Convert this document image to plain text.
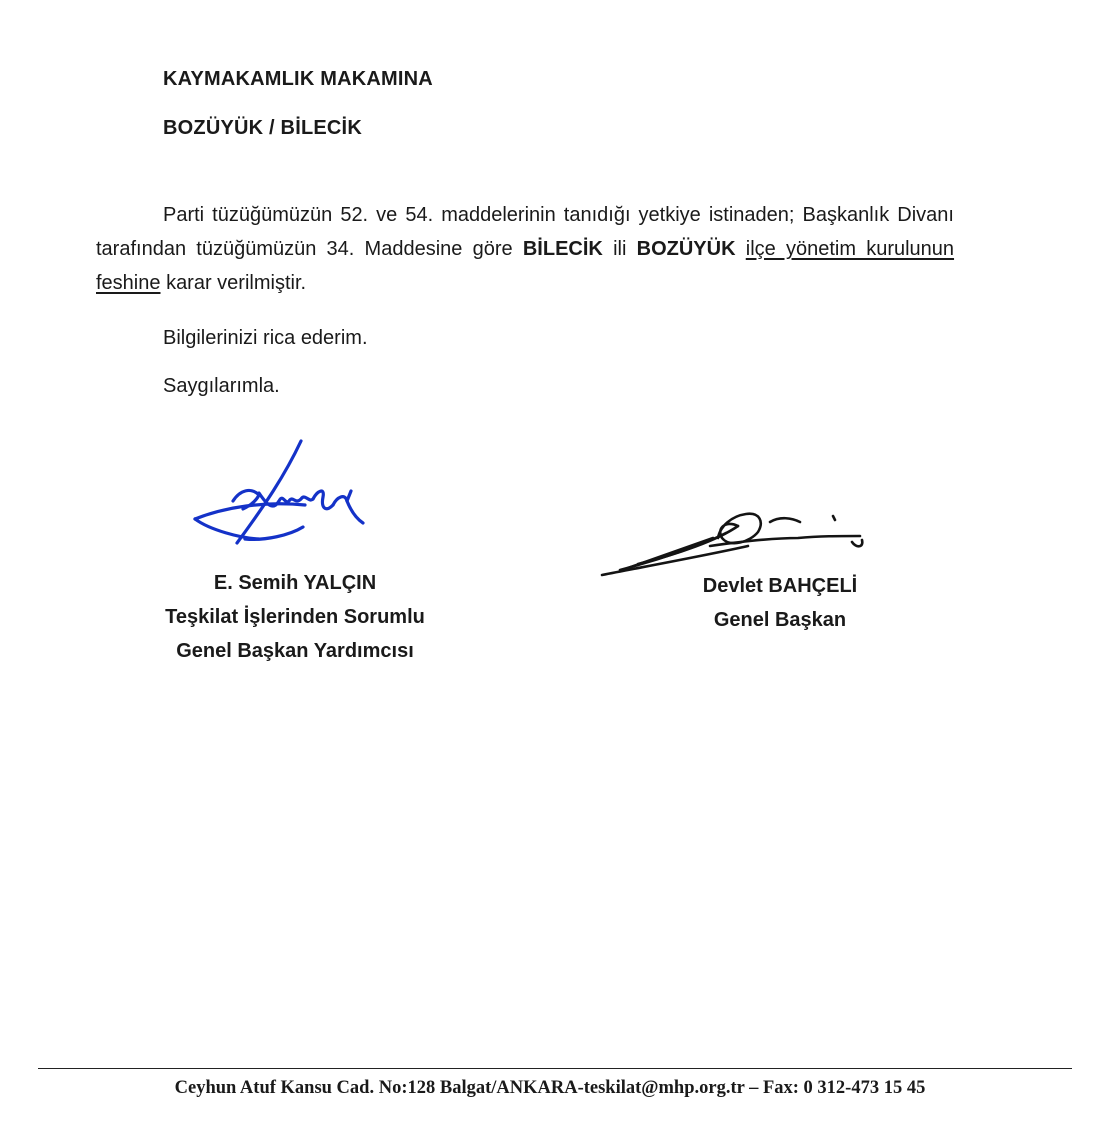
KAYMAKAMLIK MAKAMINA
BOZÜYÜK / BİLECİK
Parti tüzüğümüzün 52. ve 54. maddelerinin tanıdığı yetkiye istinaden; Başkanlık Divanı tarafından tüzüğümüzün 34. Maddesine göre BİLECİK ili BOZÜYÜK ilçe yönetim kurulunun feshine karar verilmiştir.
Bilgilerinizi rica ederim.
Saygılarımla.
E. Semih YALÇIN
Teşkilat İşlerinden Sorumlu
Genel Başkan Yardımcısı
Devlet BAHÇELİ
Genel Başkan
Ceyhun Atuf Kansu Cad. No:128 Balgat/ANKARA-teskilat@mhp.org.tr – Fax: 0 312-473 15 45
